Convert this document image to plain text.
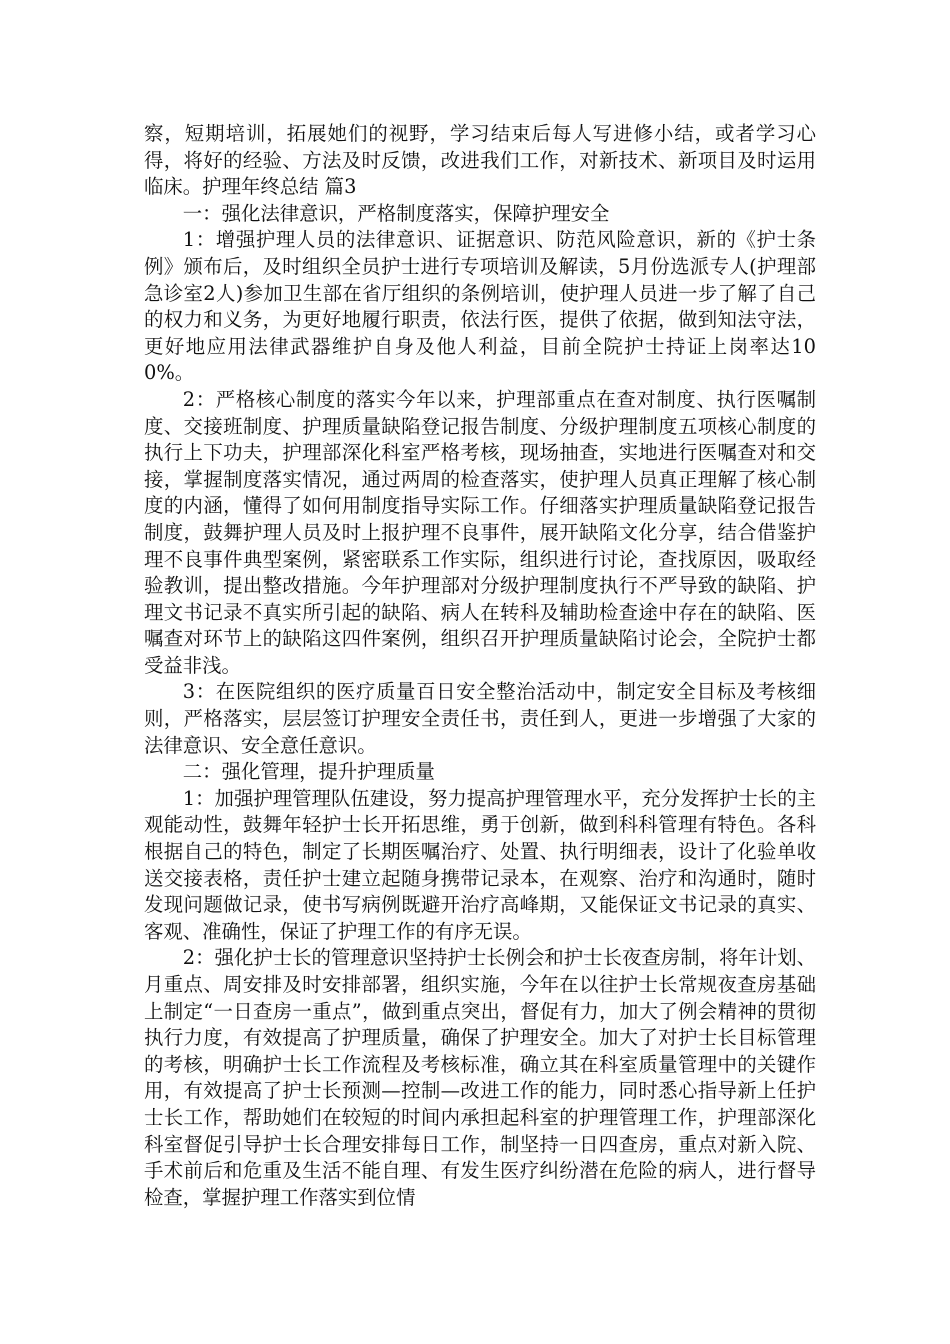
察，短期培训，拓展她们的视野，学习结束后每人写进修小结，或者学习心得，将好的经验、方法及时反馈，改进我们工作，对新技术、新项目及时运用临床。护理年终总结 篇3

一：强化法律意识，严格制度落实，保障护理安全

1：增强护理人员的法律意识、证据意识、防范风险意识，新的《护士条例》颁布后，及时组织全员护士进行专项培训及解读，5月份选派专人(护理部急诊室2人)参加卫生部在省厅组织的条例培训，使护理人员进一步了解了自己的权力和义务，为更好地履行职责，依法行医，提供了依据，做到知法守法，更好地应用法律武器维护自身及他人利益，目前全院护士持证上岗率达100%。

2：严格核心制度的落实今年以来，护理部重点在查对制度、执行医嘱制度、交接班制度、护理质量缺陷登记报告制度、分级护理制度五项核心制度的执行上下功夫，护理部深化科室严格考核，现场抽查，实地进行医嘱查对和交接，掌握制度落实情况，通过两周的检查落实，使护理人员真正理解了核心制度的内涵，懂得了如何用制度指导实际工作。仔细落实护理质量缺陷登记报告制度，鼓舞护理人员及时上报护理不良事件，展开缺陷文化分享，结合借鉴护理不良事件典型案例，紧密联系工作实际，组织进行讨论，查找原因，吸取经验教训，提出整改措施。今年护理部对分级护理制度执行不严导致的缺陷、护理文书记录不真实所引起的缺陷、病人在转科及辅助检查途中存在的缺陷、医嘱查对环节上的缺陷这四件案例，组织召开护理质量缺陷讨论会，全院护士都受益非浅。

3：在医院组织的医疗质量百日安全整治活动中，制定安全目标及考核细则，严格落实，层层签订护理安全责任书，责任到人，更进一步增强了大家的法律意识、安全意任意识。

二：强化管理，提升护理质量

1：加强护理管理队伍建设，努力提高护理管理水平，充分发挥护士长的主观能动性，鼓舞年轻护士长开拓思维，勇于创新，做到科科管理有特色。各科根据自己的特色，制定了长期医嘱治疗、处置、执行明细表，设计了化验单收送交接表格，责任护士建立起随身携带记录本，在观察、治疗和沟通时，随时发现问题做记录，使书写病例既避开治疗高峰期，又能保证文书记录的真实、客观、准确性，保证了护理工作的有序无误。

2：强化护士长的管理意识坚持护士长例会和护士长夜查房制，将年计划、月重点、周安排及时安排部署，组织实施，今年在以往护士长常规夜查房基础上制定“一日查房一重点”，做到重点突出，督促有力，加大了例会精神的贯彻执行力度，有效提高了护理质量，确保了护理安全。加大了对护士长目标管理的考核，明确护士长工作流程及考核标准，确立其在科室质量管理中的关键作用，有效提高了护士长预测—控制—改进工作的能力，同时悉心指导新上任护士长工作，帮助她们在较短的时间内承担起科室的护理管理工作，护理部深化科室督促引导护士长合理安排每日工作，制坚持一日四查房，重点对新入院、手术前后和危重及生活不能自理、有发生医疗纠纷潜在危险的病人，进行督导检查，掌握护理工作落实到位情
